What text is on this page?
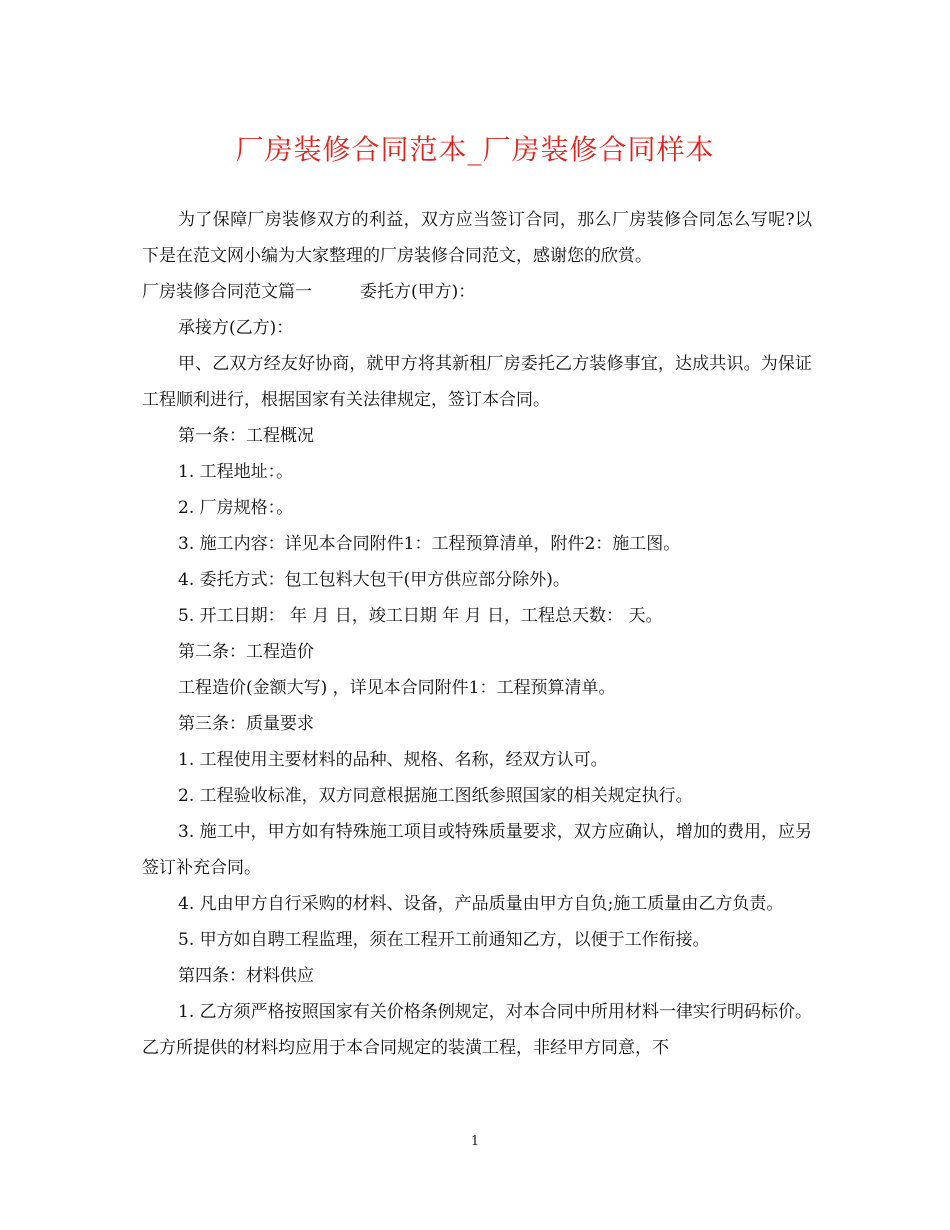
厂房装修合同范本_厂房装修合同样本

为了保障厂房装修双方的利益，双方应当签订合同，那么厂房装修合同怎么写呢?以下是在范文网小编为大家整理的厂房装修合同范文，感谢您的欣赏。

厂房装修合同范文篇一	委托方(甲方)：

承接方(乙方)：

甲、乙双方经友好协商，就甲方将其新租厂房委托乙方装修事宜，达成共识。为保证工程顺利进行，根据国家有关法律规定，签订本合同。

第一条：工程概况

1. 工程地址：。

2. 厂房规格：。

3. 施工内容：详见本合同附件1：工程预算清单，附件2：施工图。

4. 委托方式：包工包料大包干(甲方供应部分除外)。

5. 开工日期： 年 月 日，竣工日期 年 月 日，工程总天数： 天。

第二条：工程造价

工程造价(金额大写) ，详见本合同附件1：工程预算清单。

第三条：质量要求

1. 工程使用主要材料的品种、规格、名称，经双方认可。

2. 工程验收标准，双方同意根据施工图纸参照国家的相关规定执行。

3. 施工中，甲方如有特殊施工项目或特殊质量要求，双方应确认，增加的费用，应另签订补充合同。

4. 凡由甲方自行采购的材料、设备，产品质量由甲方自负;施工质量由乙方负责。

5. 甲方如自聘工程监理，须在工程开工前通知乙方，以便于工作衔接。

第四条：材料供应

1. 乙方须严格按照国家有关价格条例规定，对本合同中所用材料一律实行明码标价。乙方所提供的材料均应用于本合同规定的装潢工程，非经甲方同意，不

1
